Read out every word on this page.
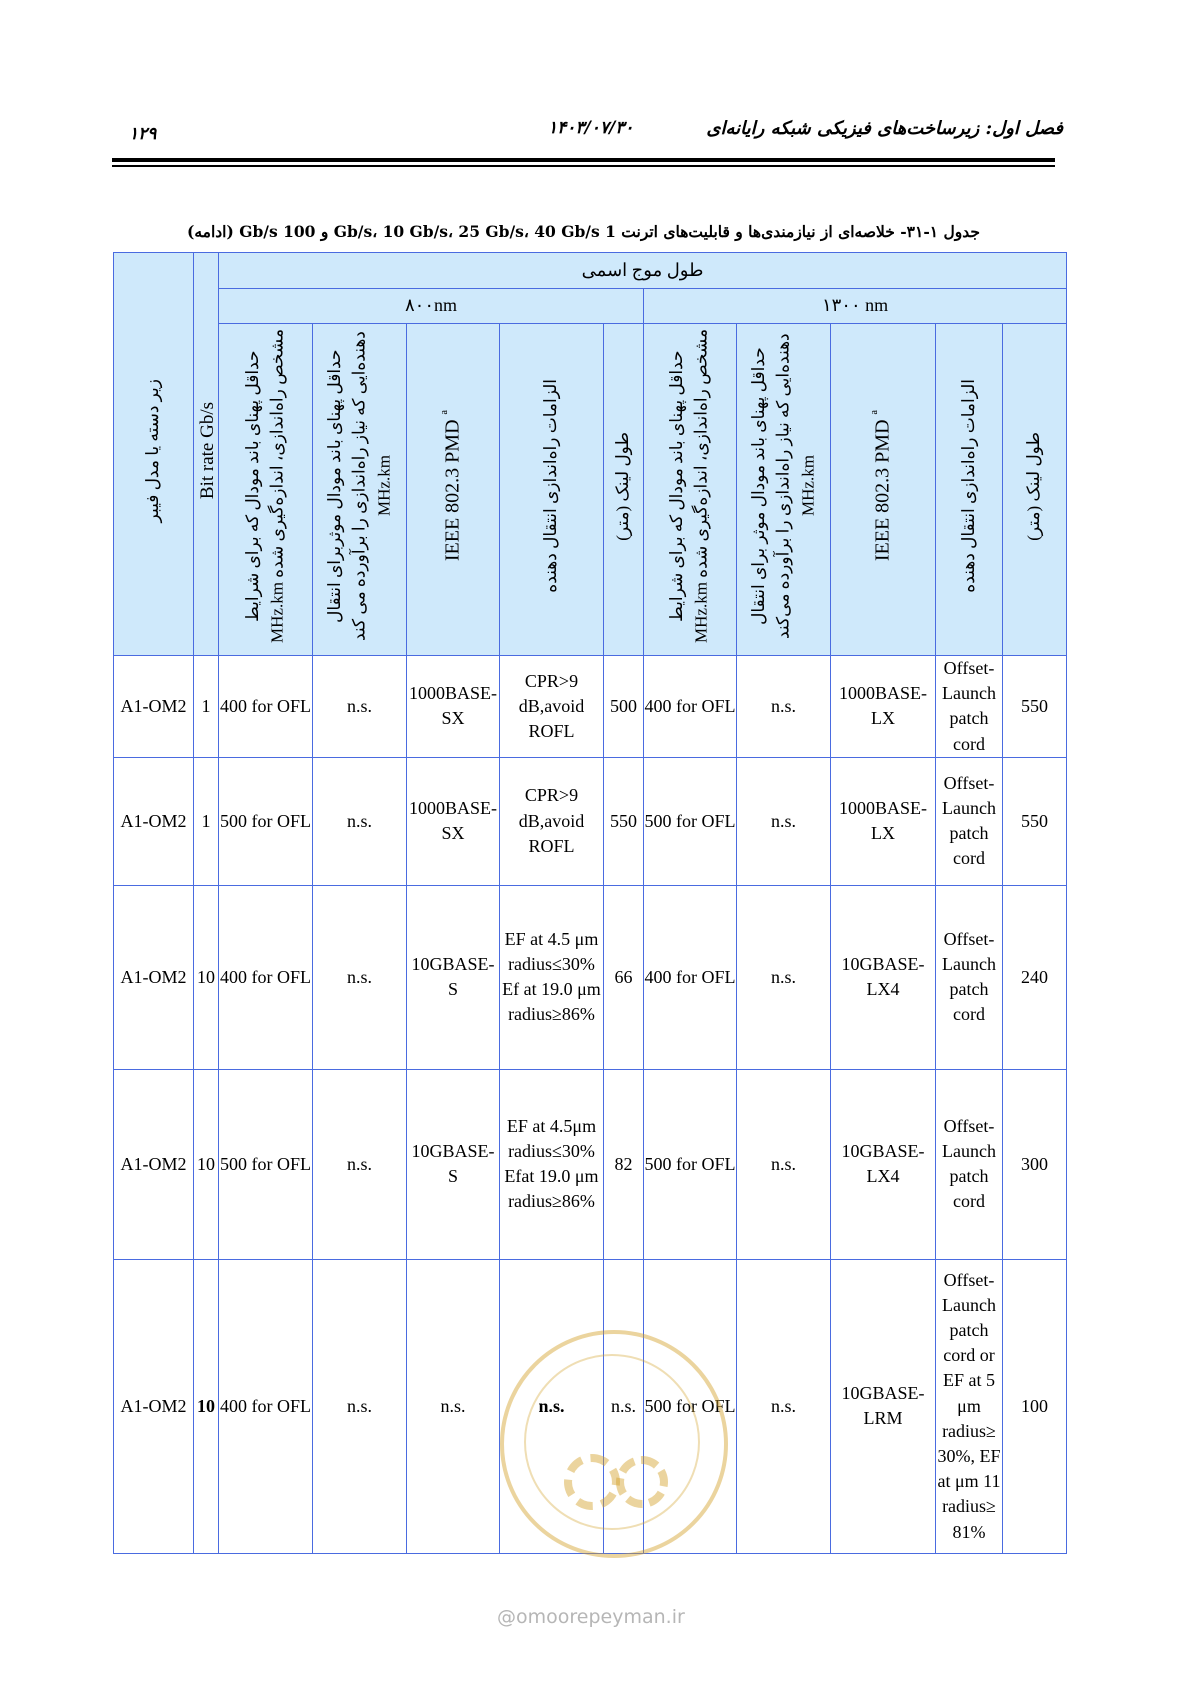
۱۲۹	۱۴۰۳/۰۷/۳۰	فصل اول: زیرساخت‌های فیزیکی شبکه رایانه‌ای
جدول ۱-۳۱- خلاصه‌ای از نیازمندی‌ها و قابلیت‌های اترنت 1 Gb/s، 10 Gb/s، 25 Gb/s، 40 Gb/s و 100 Gb/s (ادامه)
زیر دسته یا مدل فیبر	Bit rate Gb/s	طول موج اسمی									
		۸۰۰nm					۱۳۰۰ nm				
		حداقل پهنای باند مودال که برای شرایط مشخص راه‌اندازی، اندازه‌گیری شده MHz.km	حداقل پهنای باند مودال موثربرای انتقال دهنده‌ایی که نیاز راه‌اندازی را برآورده می کند MHz.km	IEEE 802.3 PMD $^a$	الزامات راه‌اندازی انتقال دهنده	طول لینک (متر)	حداقل پهنای باند مودال که برای شرایط مشخص راه‌اندازی، اندازه‌گیری شده MHz.km	حداقل پهنای باند مودال موثر برای انتقال دهنده‌ایی که نیاز راه‌اندازی را برآورده می‌کند MHz.km	IEEE 802.3 PMD $^a$	الزامات راه‌اندازی انتقال دهنده	طول لینک (متر)
A1-OM2	1	400 for OFL	n.s.	1000BASE-SX	CPR>9 dB,avoid ROFL	500	400 for OFL	n.s.	1000BASE-LX	Offset-Launch patch cord	550
A1-OM2	1	500 for OFL	n.s.	1000BASE-SX	CPR>9 dB,avoid ROFL	550	500 for OFL	n.s.	1000BASE-LX	Offset-Launch patch cord	550
A1-OM2	10	400 for OFL	n.s.	10GBASE-S	EF at 4.5 μm radius≤30% Ef at 19.0 μm radius≥86%	66	400 for OFL	n.s.	10GBASE-LX4	Offset-Launch patch cord	240
A1-OM2	10	500 for OFL	n.s.	10GBASE-S	EF at 4.5μm radius≤30% Efat 19.0 μm radius≥86%	82	500 for OFL	n.s.	10GBASE-LX4	Offset-Launch patch cord	300
A1-OM2	10	400 for OFL	n.s.	n.s.	n.s.	n.s.	500 for OFL	n.s.	10GBASE-LRM	Offset-Launch patch cord or EF at 5 μm radius≥ 30%, EF at μm 11 radius≥ 81%	100
@omoorepeyman.ir
